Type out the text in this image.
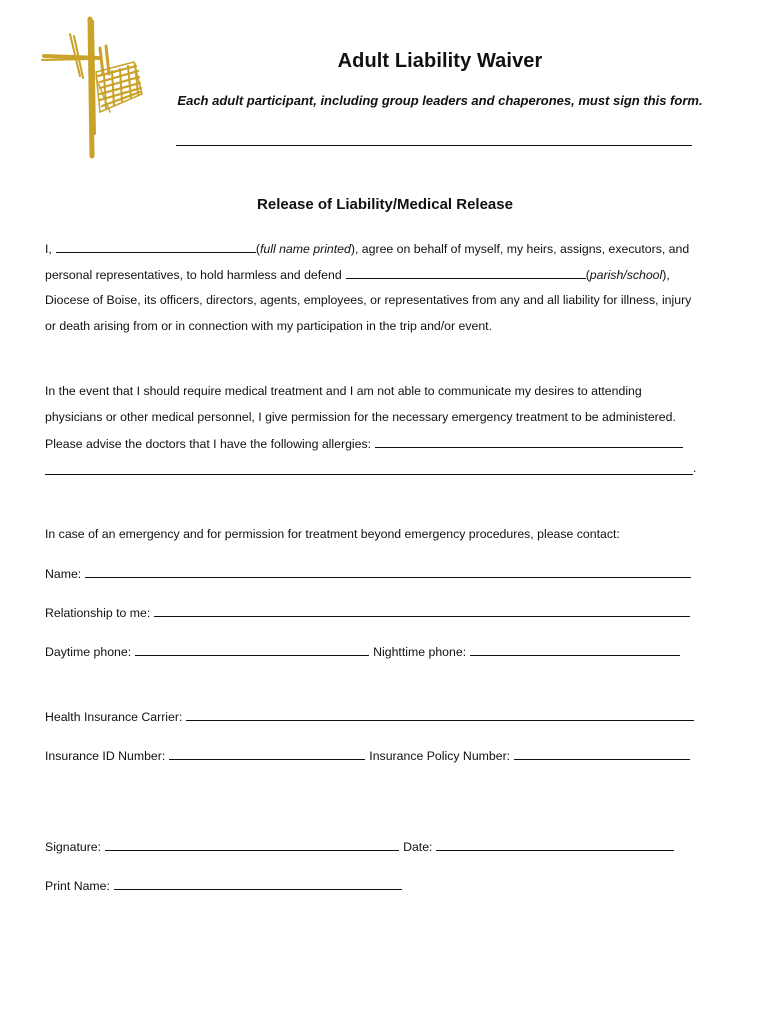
Adult Liability Waiver
Each adult participant, including group leaders and chaperones, must sign this form.
Release of Liability/Medical Release
I,	(full name printed), agree on behalf of myself, my heirs, assigns, executors, and
personal representatives, to hold harmless and defend	(parish/school),
Diocese of Boise, its officers, directors, agents, employees, or representatives from any and all liability for illness, injury
or death arising from or in connection with my participation in the trip and/or event.
In the event that I should require medical treatment and I am not able to communicate my desires to attending
physicians or other medical personnel, I give permission for the necessary emergency treatment to be administered.
Please advise the doctors that I have the following allergies:
.
In case of an emergency and for permission for treatment beyond emergency procedures, please contact:
Name:
Relationship to me:
Daytime phone:	Nighttime phone:
Health Insurance Carrier:
Insurance ID Number:	Insurance Policy Number:
Signature:	Date:
Print Name:
